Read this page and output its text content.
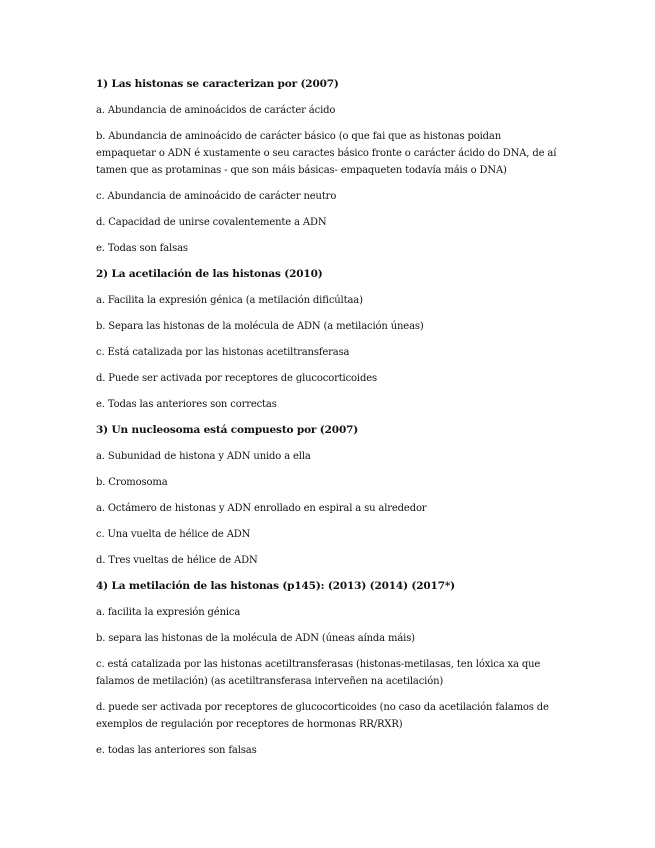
1) Las histonas se caracterizan por (2007)

a. Abundancia de aminoácidos de carácter ácido

b. Abundancia de aminoácido de carácter básico (o que fai que as histonas poidan

empaquetar o ADN é xustamente o seu caractes básico fronte o carácter ácido do DNA, de aí

tamen que as protaminas - que son máis básicas- empaqueten todavía máis o DNA)

c. Abundancia de aminoácido de carácter neutro

d. Capacidad de unirse covalentemente a ADN

e. Todas son falsas

2) La acetilación de las histonas (2010)

a. Facilita la expresión génica (a metilación dificúltaa)

b. Separa las histonas de la molécula de ADN (a metilación úneas)

c. Está catalizada por las histonas acetiltransferasa

d. Puede ser activada por receptores de glucocorticoides

e. Todas las anteriores son correctas

3) Un nucleosoma está compuesto por (2007)

a. Subunidad de histona y ADN unido a ella

b. Cromosoma

a. Octámero de histonas y ADN enrollado en espiral a su alrededor

c. Una vuelta de hélice de ADN

d. Tres vueltas de hélice de ADN

4) La metilación de las histonas (p145): (2013) (2014) (2017*)

a. facilita la expresión génica

b. separa las histonas de la molécula de ADN (úneas aínda máis)

c. está catalizada por las histonas acetiltransferasas (histonas-metilasas, ten lóxica xa que

falamos de metilación) (as acetiltransferasa interveñen na acetilación)

d. puede ser activada por receptores de glucocorticoides (no caso da acetilación falamos de

exemplos de regulación por receptores de hormonas RR/RXR)

e. todas las anteriores son falsas
